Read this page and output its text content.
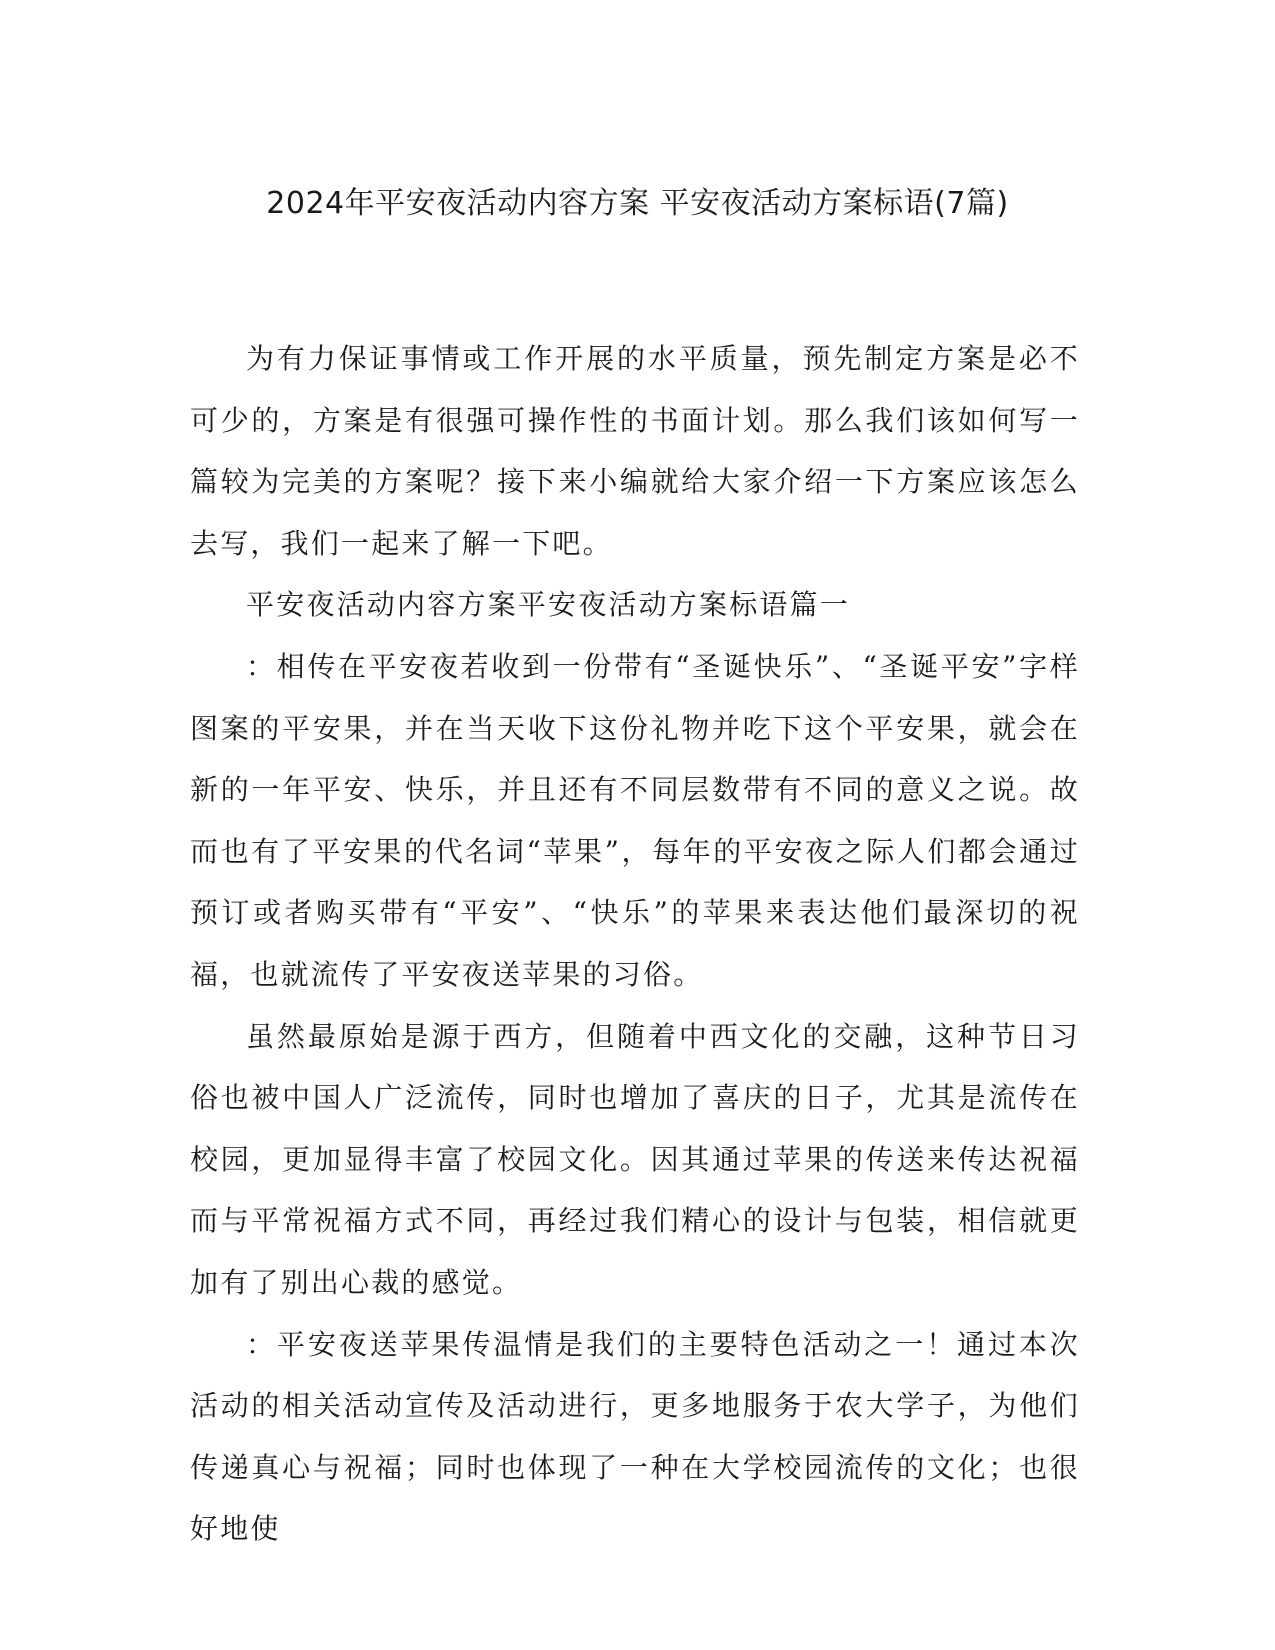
2024年平安夜活动内容方案 平安夜活动方案标语(7篇)

为有力保证事情或工作开展的水平质量，预先制定方案是必不可少的，方案是有很强可操作性的书面计划。那么我们该如何写一篇较为完美的方案呢？接下来小编就给大家介绍一下方案应该怎么去写，我们一起来了解一下吧。

平安夜活动内容方案平安夜活动方案标语篇一

：相传在平安夜若收到一份带有“圣诞快乐”、“圣诞平安”字样图案的平安果，并在当天收下这份礼物并吃下这个平安果，就会在新的一年平安、快乐，并且还有不同层数带有不同的意义之说。故而也有了平安果的代名词“苹果”，每年的平安夜之际人们都会通过预订或者购买带有“平安”、“快乐”的苹果来表达他们最深切的祝福，也就流传了平安夜送苹果的习俗。

虽然最原始是源于西方，但随着中西文化的交融，这种节日习俗也被中国人广泛流传，同时也增加了喜庆的日子，尤其是流传在校园，更加显得丰富了校园文化。因其通过苹果的传送来传达祝福而与平常祝福方式不同，再经过我们精心的设计与包装，相信就更加有了别出心裁的感觉。

：平安夜送苹果传温情是我们的主要特色活动之一！通过本次活动的相关活动宣传及活动进行，更多地服务于农大学子，为他们传递真心与祝福；同时也体现了一种在大学校园流传的文化；也很好地使
